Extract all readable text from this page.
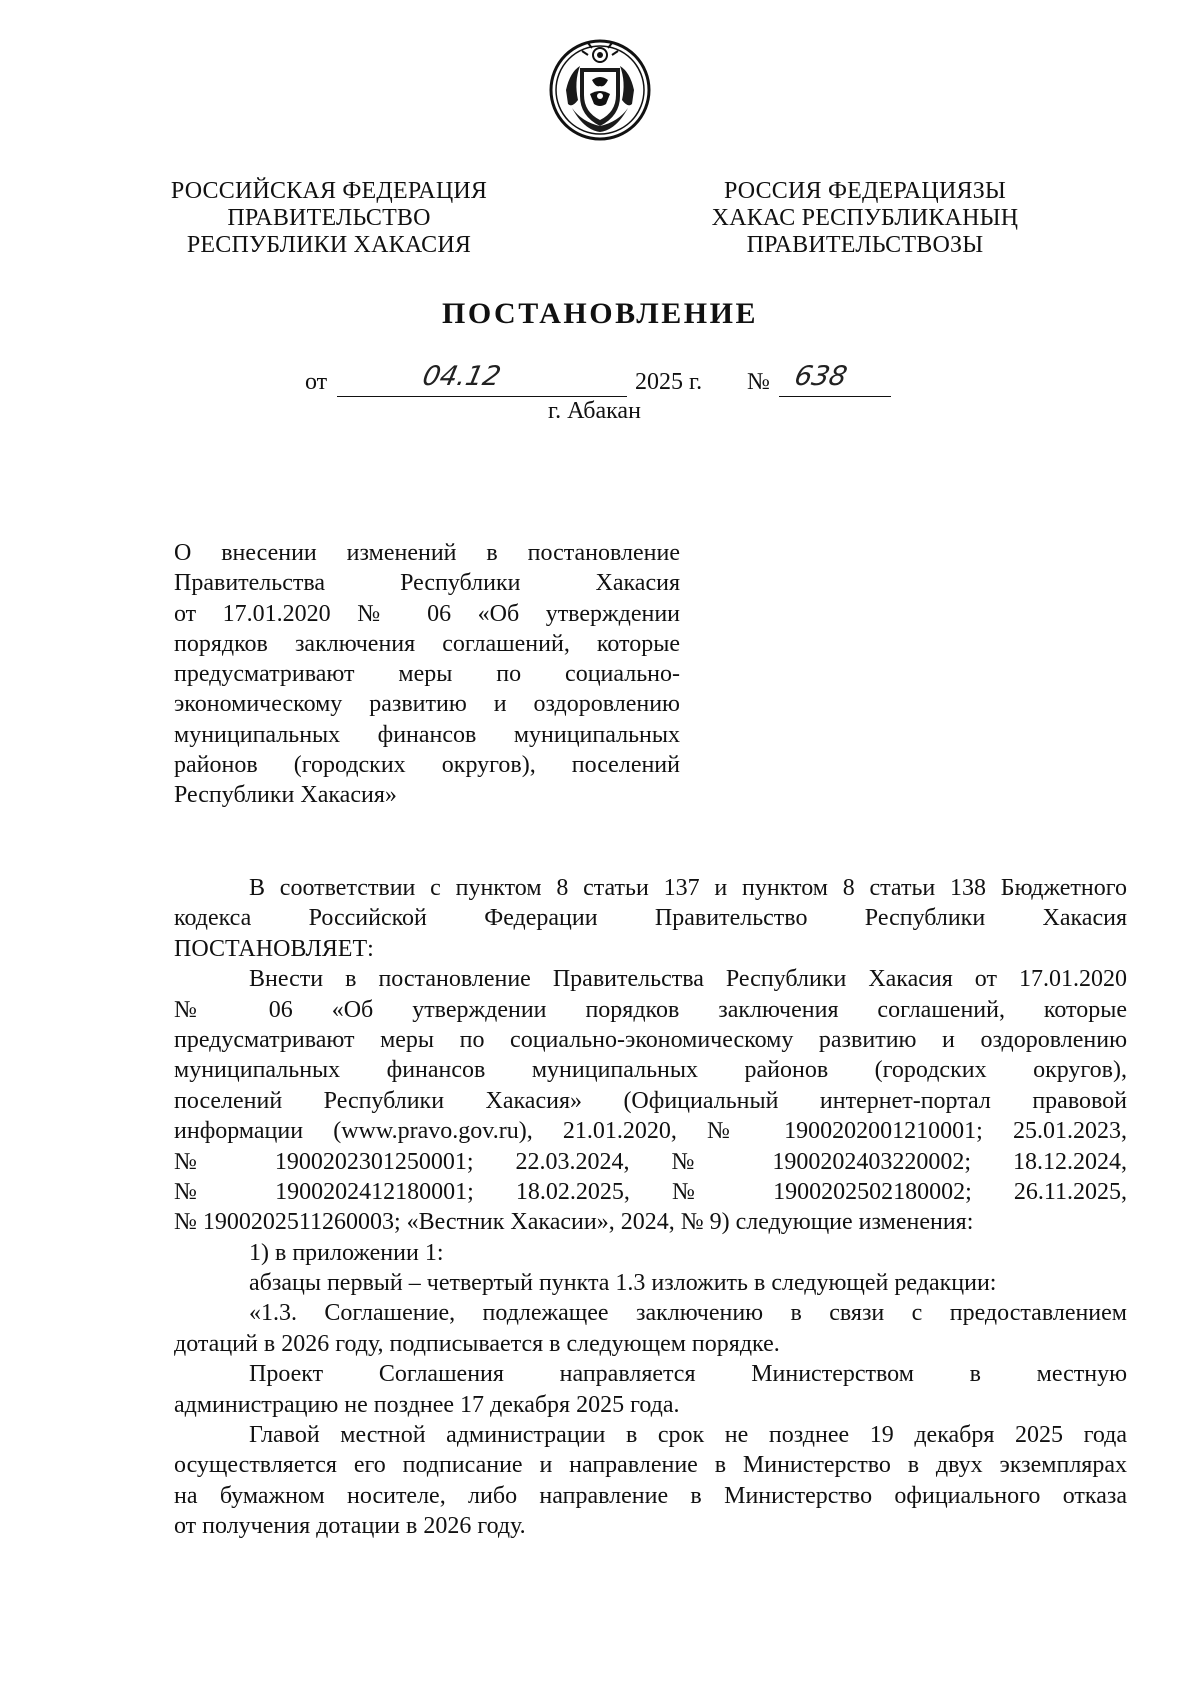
РОССИЙСКАЯ ФЕДЕРАЦИЯ
ПРАВИТЕЛЬСТВО
РЕСПУБЛИКИ ХАКАСИЯ
РОССИЯ ФЕДЕРАЦИЯЗЫ
ХАКАС РЕСПУБЛИКАНЫҢ
ПРАВИТЕЛЬСТВОЗЫ
ПОСТАНОВЛЕНИЕ
от	04.12	2025 г. № 638
г. Абакан
О внесении изменений в постановление
Правительства Республики Хакасия
от 17.01.2020 № 06 «Об утверждении
порядков заключения соглашений, которые
предусматривают меры по социально-
экономическому развитию и оздоровлению
муниципальных финансов муниципальных
районов (городских округов), поселений
Республики Хакасия»
В соответствии с пунктом 8 статьи 137 и пунктом 8 статьи 138 Бюджетного
кодекса Российской Федерации Правительство Республики Хакасия
ПОСТАНОВЛЯЕТ:
Внести в постановление Правительства Республики Хакасия от 17.01.2020
№ 06 «Об утверждении порядков заключения соглашений, которые
предусматривают меры по социально-экономическому развитию и оздоровлению
муниципальных финансов муниципальных районов (городских округов),
поселений Республики Хакасия» (Официальный интернет-портал правовой
информации (www.pravo.gov.ru), 21.01.2020, № 1900202001210001; 25.01.2023,
№ 1900202301250001; 22.03.2024, № 1900202403220002; 18.12.2024,
№ 1900202412180001; 18.02.2025, № 1900202502180002; 26.11.2025,
№ 1900202511260003; «Вестник Хакасии», 2024, № 9) следующие изменения:
1) в приложении 1:
абзацы первый – четвертый пункта 1.3 изложить в следующей редакции:
«1.3. Соглашение, подлежащее заключению в связи с предоставлением
дотаций в 2026 году, подписывается в следующем порядке.
Проект Соглашения направляется Министерством в местную
администрацию не позднее 17 декабря 2025 года.
Главой местной администрации в срок не позднее 19 декабря 2025 года
осуществляется его подписание и направление в Министерство в двух экземплярах
на бумажном носителе, либо направление в Министерство официального отказа
от получения дотации в 2026 году.
